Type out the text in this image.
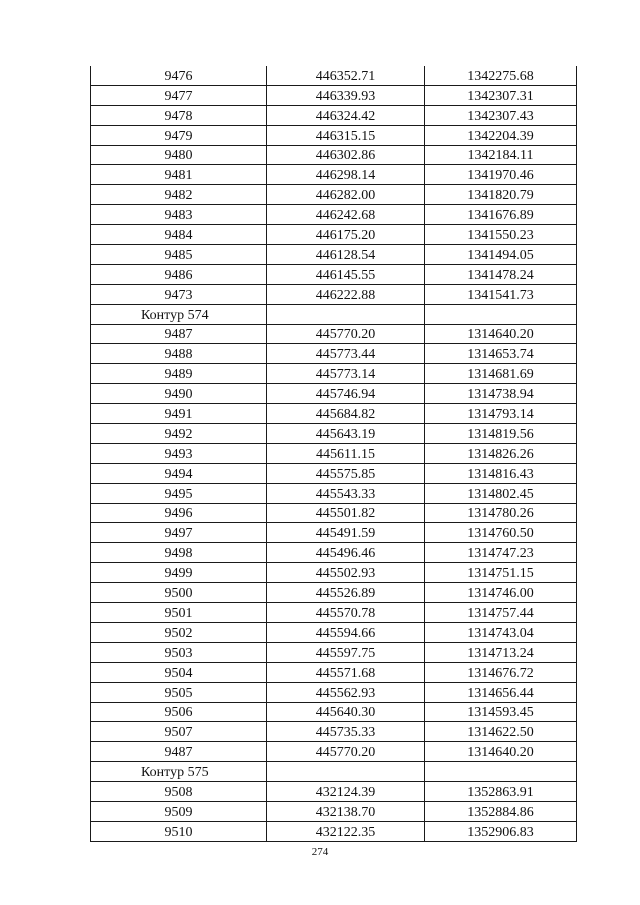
9476	446352.71	1342275.68
9477	446339.93	1342307.31
9478	446324.42	1342307.43
9479	446315.15	1342204.39
9480	446302.86	1342184.11
9481	446298.14	1341970.46
9482	446282.00	1341820.79
9483	446242.68	1341676.89
9484	446175.20	1341550.23
9485	446128.54	1341494.05
9486	446145.55	1341478.24
9473	446222.88	1341541.73
Контур 574		
9487	445770.20	1314640.20
9488	445773.44	1314653.74
9489	445773.14	1314681.69
9490	445746.94	1314738.94
9491	445684.82	1314793.14
9492	445643.19	1314819.56
9493	445611.15	1314826.26
9494	445575.85	1314816.43
9495	445543.33	1314802.45
9496	445501.82	1314780.26
9497	445491.59	1314760.50
9498	445496.46	1314747.23
9499	445502.93	1314751.15
9500	445526.89	1314746.00
9501	445570.78	1314757.44
9502	445594.66	1314743.04
9503	445597.75	1314713.24
9504	445571.68	1314676.72
9505	445562.93	1314656.44
9506	445640.30	1314593.45
9507	445735.33	1314622.50
9487	445770.20	1314640.20
Контур 575		
9508	432124.39	1352863.91
9509	432138.70	1352884.86
9510	432122.35	1352906.83
274
